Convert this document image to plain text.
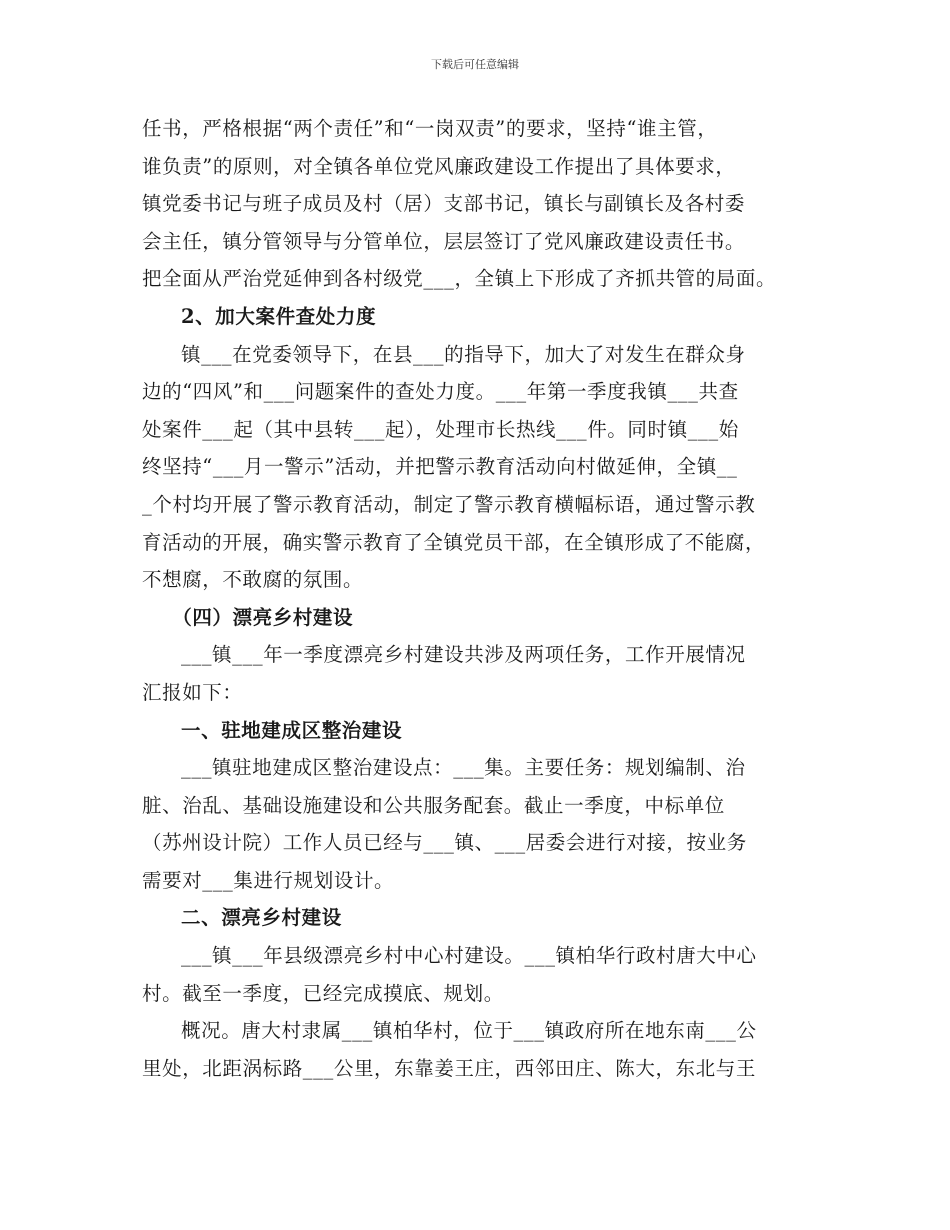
下载后可任意编辑

任书，严格根据“两个责任”和“一岗双责”的要求，坚持“谁主管，
谁负责”的原则，对全镇各单位党风廉政建设工作提出了具体要求，
镇党委书记与班子成员及村（居）支部书记，镇长与副镇长及各村委
会主任，镇分管领导与分管单位，层层签订了党风廉政建设责任书。
把全面从严治党延伸到各村级党___，全镇上下形成了齐抓共管的局面。

2、加大案件查处力度

镇___在党委领导下，在县___的指导下，加大了对发生在群众身
边的“四风”和___问题案件的查处力度。___年第一季度我镇___共查
处案件___起（其中县转___起），处理市长热线___件。同时镇___始
终坚持“___月一警示”活动，并把警示教育活动向村做延伸，全镇__
_个村均开展了警示教育活动，制定了警示教育横幅标语，通过警示教
育活动的开展，确实警示教育了全镇党员干部，在全镇形成了不能腐，
不想腐，不敢腐的氛围。

（四）漂亮乡村建设

___镇___年一季度漂亮乡村建设共涉及两项任务，工作开展情况
汇报如下：

一、驻地建成区整治建设

___镇驻地建成区整治建设点：___集。主要任务：规划编制、治
脏、治乱、基础设施建设和公共服务配套。截止一季度，中标单位
（苏州设计院）工作人员已经与___镇、___居委会进行对接，按业务
需要对___集进行规划设计。

二、漂亮乡村建设

___镇___年县级漂亮乡村中心村建设。___镇柏华行政村唐大中心
村。截至一季度，已经完成摸底、规划。

概况。唐大村隶属___镇柏华村，位于___镇政府所在地东南___公
里处，北距涡标路___公里，东靠姜王庄，西邻田庄、陈大，东北与王
